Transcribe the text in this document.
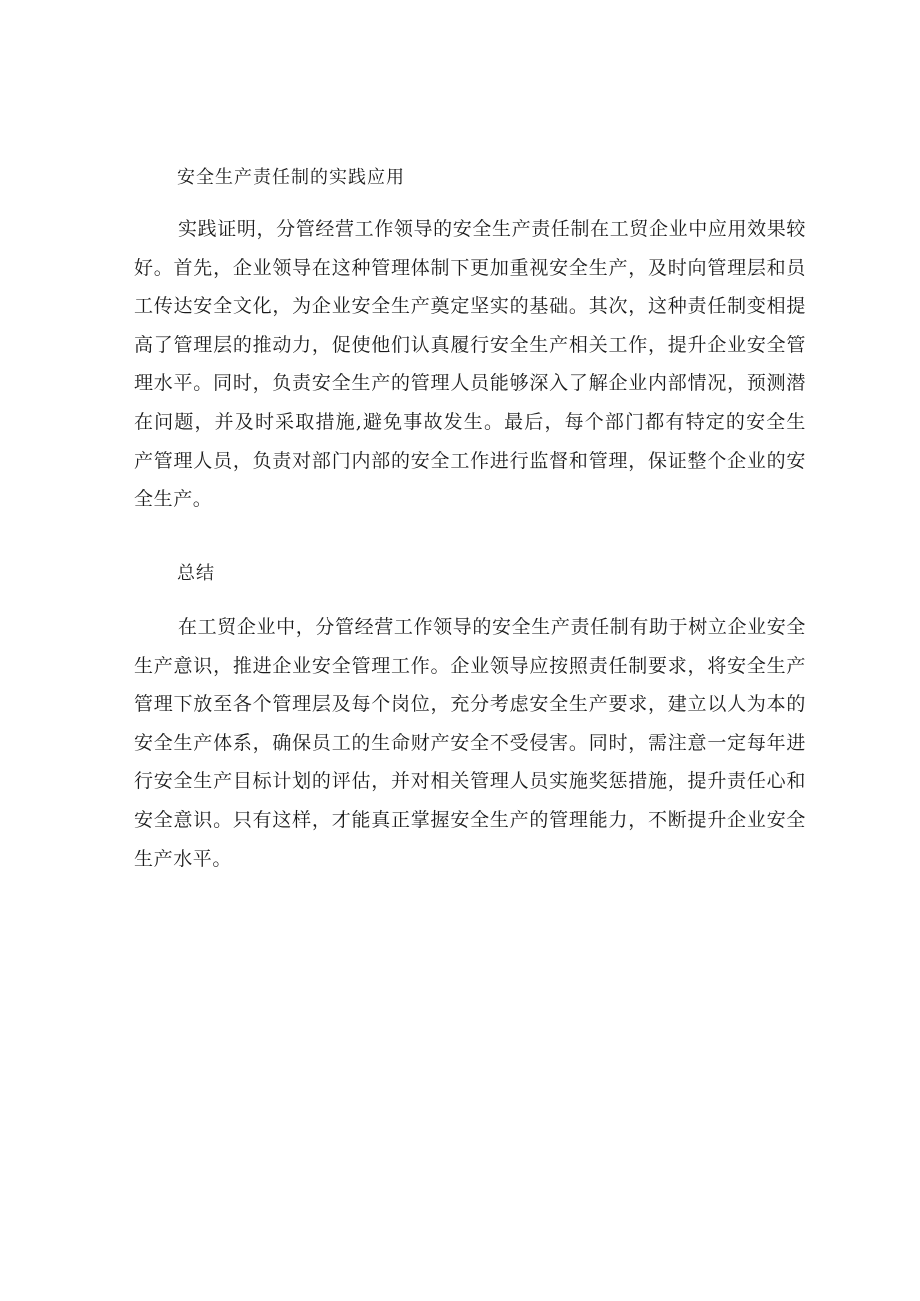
安全生产责任制的实践应用

实践证明，分管经营工作领导的安全生产责任制在工贸企业中应用效果较好。首先，企业领导在这种管理体制下更加重视安全生产，及时向管理层和员工传达安全文化，为企业安全生产奠定坚实的基础。其次，这种责任制变相提高了管理层的推动力，促使他们认真履行安全生产相关工作，提升企业安全管理水平。同时，负责安全生产的管理人员能够深入了解企业内部情况，预测潜在问题，并及时采取措施,避免事故发生。最后，每个部门都有特定的安全生产管理人员，负责对部门内部的安全工作进行监督和管理，保证整个企业的安全生产。

总结

在工贸企业中，分管经营工作领导的安全生产责任制有助于树立企业安全生产意识，推进企业安全管理工作。企业领导应按照责任制要求，将安全生产管理下放至各个管理层及每个岗位，充分考虑安全生产要求，建立以人为本的安全生产体系，确保员工的生命财产安全不受侵害。同时，需注意一定每年进行安全生产目标计划的评估，并对相关管理人员实施奖惩措施，提升责任心和安全意识。只有这样，才能真正掌握安全生产的管理能力，不断提升企业安全生产水平。
